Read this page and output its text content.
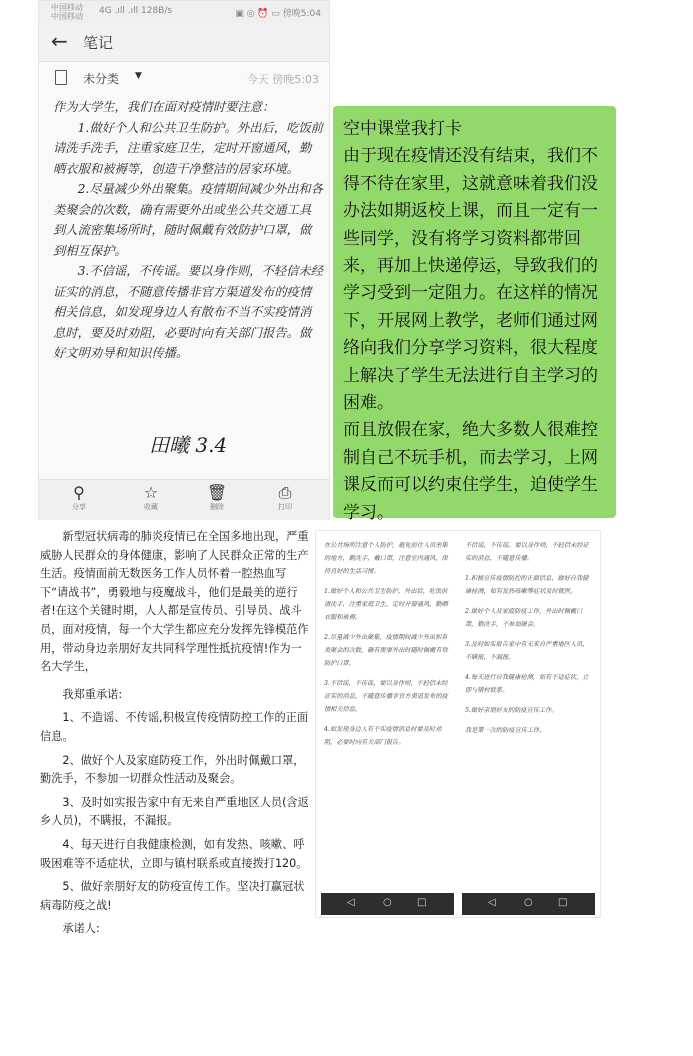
中国移动
中国移动
4G .ıll .ıll 128B/s	▣ ◎ ⏰ ▭ 傍晚5:04
← 笔记
未分类 ▼	今天 傍晚5:03

作为大学生，我们在面对疫情时要注意：

1.做好个人和公共卫生防护。外出后，吃饭前请洗手洗手，注重家庭卫生，定时开窗通风，勤晒衣服和被褥等，创造干净整洁的居家环境。

2.尽量减少外出聚集。疫情期间减少外出和各类聚会的次数，确有需要外出或坐公共交通工具到人流密集场所时，随时佩戴有效防护口罩，做到相互保护。

3.不信谣，不传谣。要以身作则，不轻信未经证实的消息，不随意传播非官方渠道发布的疫情相关信息，如发现身边人有散布不当不实疫情消息时，要及时劝阻，必要时向有关部门报告。做好文明劝导和知识传播。

田曦 3.4
⚲
分享
☆
收藏
🗑
删除
⎙
打印
空中课堂我打卡
由于现在疫情还没有结束，我们不得不待在家里，这就意味着我们没办法如期返校上课，而且一定有一些同学，没有将学习资料都带回来，再加上快递停运，导致我们的学习受到一定阻力。在这样的情况下，开展网上教学，老师们通过网络向我们分享学习资料，很大程度上解决了学生无法进行自主学习的困难。
而且放假在家，绝大多数人很难控制自己不玩手机，而去学习，上网课反而可以约束住学生，迫使学生学习。

新型冠状病毒的肺炎疫情已在全国多地出现，严重威胁人民群众的身体健康，影响了人民群众正常的生产生活。疫情面前无数医务工作人员怀着一腔热血写下“请战书”，勇毅地与疫魔战斗，他们是最美的逆行者!在这个关键时期，人人都是宣传员、引导员、战斗员，面对疫情，每一个大学生都应充分发挥先锋模范作用，带动身边亲朋好友共同科学理性抵抗疫情!作为一名大学生，

我郑重承诺:

1、不造谣、不传谣,积极宣传疫情防控工作的正面信息。

2、做好个人及家庭防疫工作，外出时佩戴口罩，勤洗手，不参加一切群众性活动及聚会。

3、及时如实报告家中有无来自严重地区人员(含返乡人员)，不瞒报，不漏报。

4、每天进行自我健康检测，如有发热、咳嗽、呼吸困难等不适症状，立即与镇村联系或直接拨打120。

5、做好亲朋好友的防疫宣传工作。坚决打赢冠状病毒防疫之战!

承诺人:

在公共场所注意个人防护，避免前往人员密集的地方，勤洗手，戴口罩，注意室内通风，保持良好的生活习惯。

1.做好个人和公共卫生防护，外出后，吃饭前请洗手，注重家庭卫生，定时开窗通风，勤晒衣服和被褥。

2.尽量减少外出聚集，疫情期间减少外出和各类聚会的次数，确有需要外出时随时佩戴有效防护口罩。

3.不信谣，不传谣，要以身作则，不轻信未经证实的消息，不随意传播非官方渠道发布的疫情相关信息。

4.如发现身边人有不实疫情消息时要及时劝阻，必要时向有关部门报告。

◁	○	□

不信谣，不传谣。要以身作则，不轻信未经证实的消息，不随意传播。

1.积极宣传疫情防控的正面信息，做好自我健康检测，如有发热咳嗽等症状及时就医。

2.做好个人及家庭防疫工作，外出时佩戴口罩，勤洗手，不参加聚会。

3.及时如实报告家中有无来自严重地区人员，不瞒报，不漏报。

4.每天进行自我健康检测，如有不适症状，立即与镇村联系。

5.做好亲朋好友的防疫宣传工作。

我是第一次的防疫宣传工作。

◁	○	□
